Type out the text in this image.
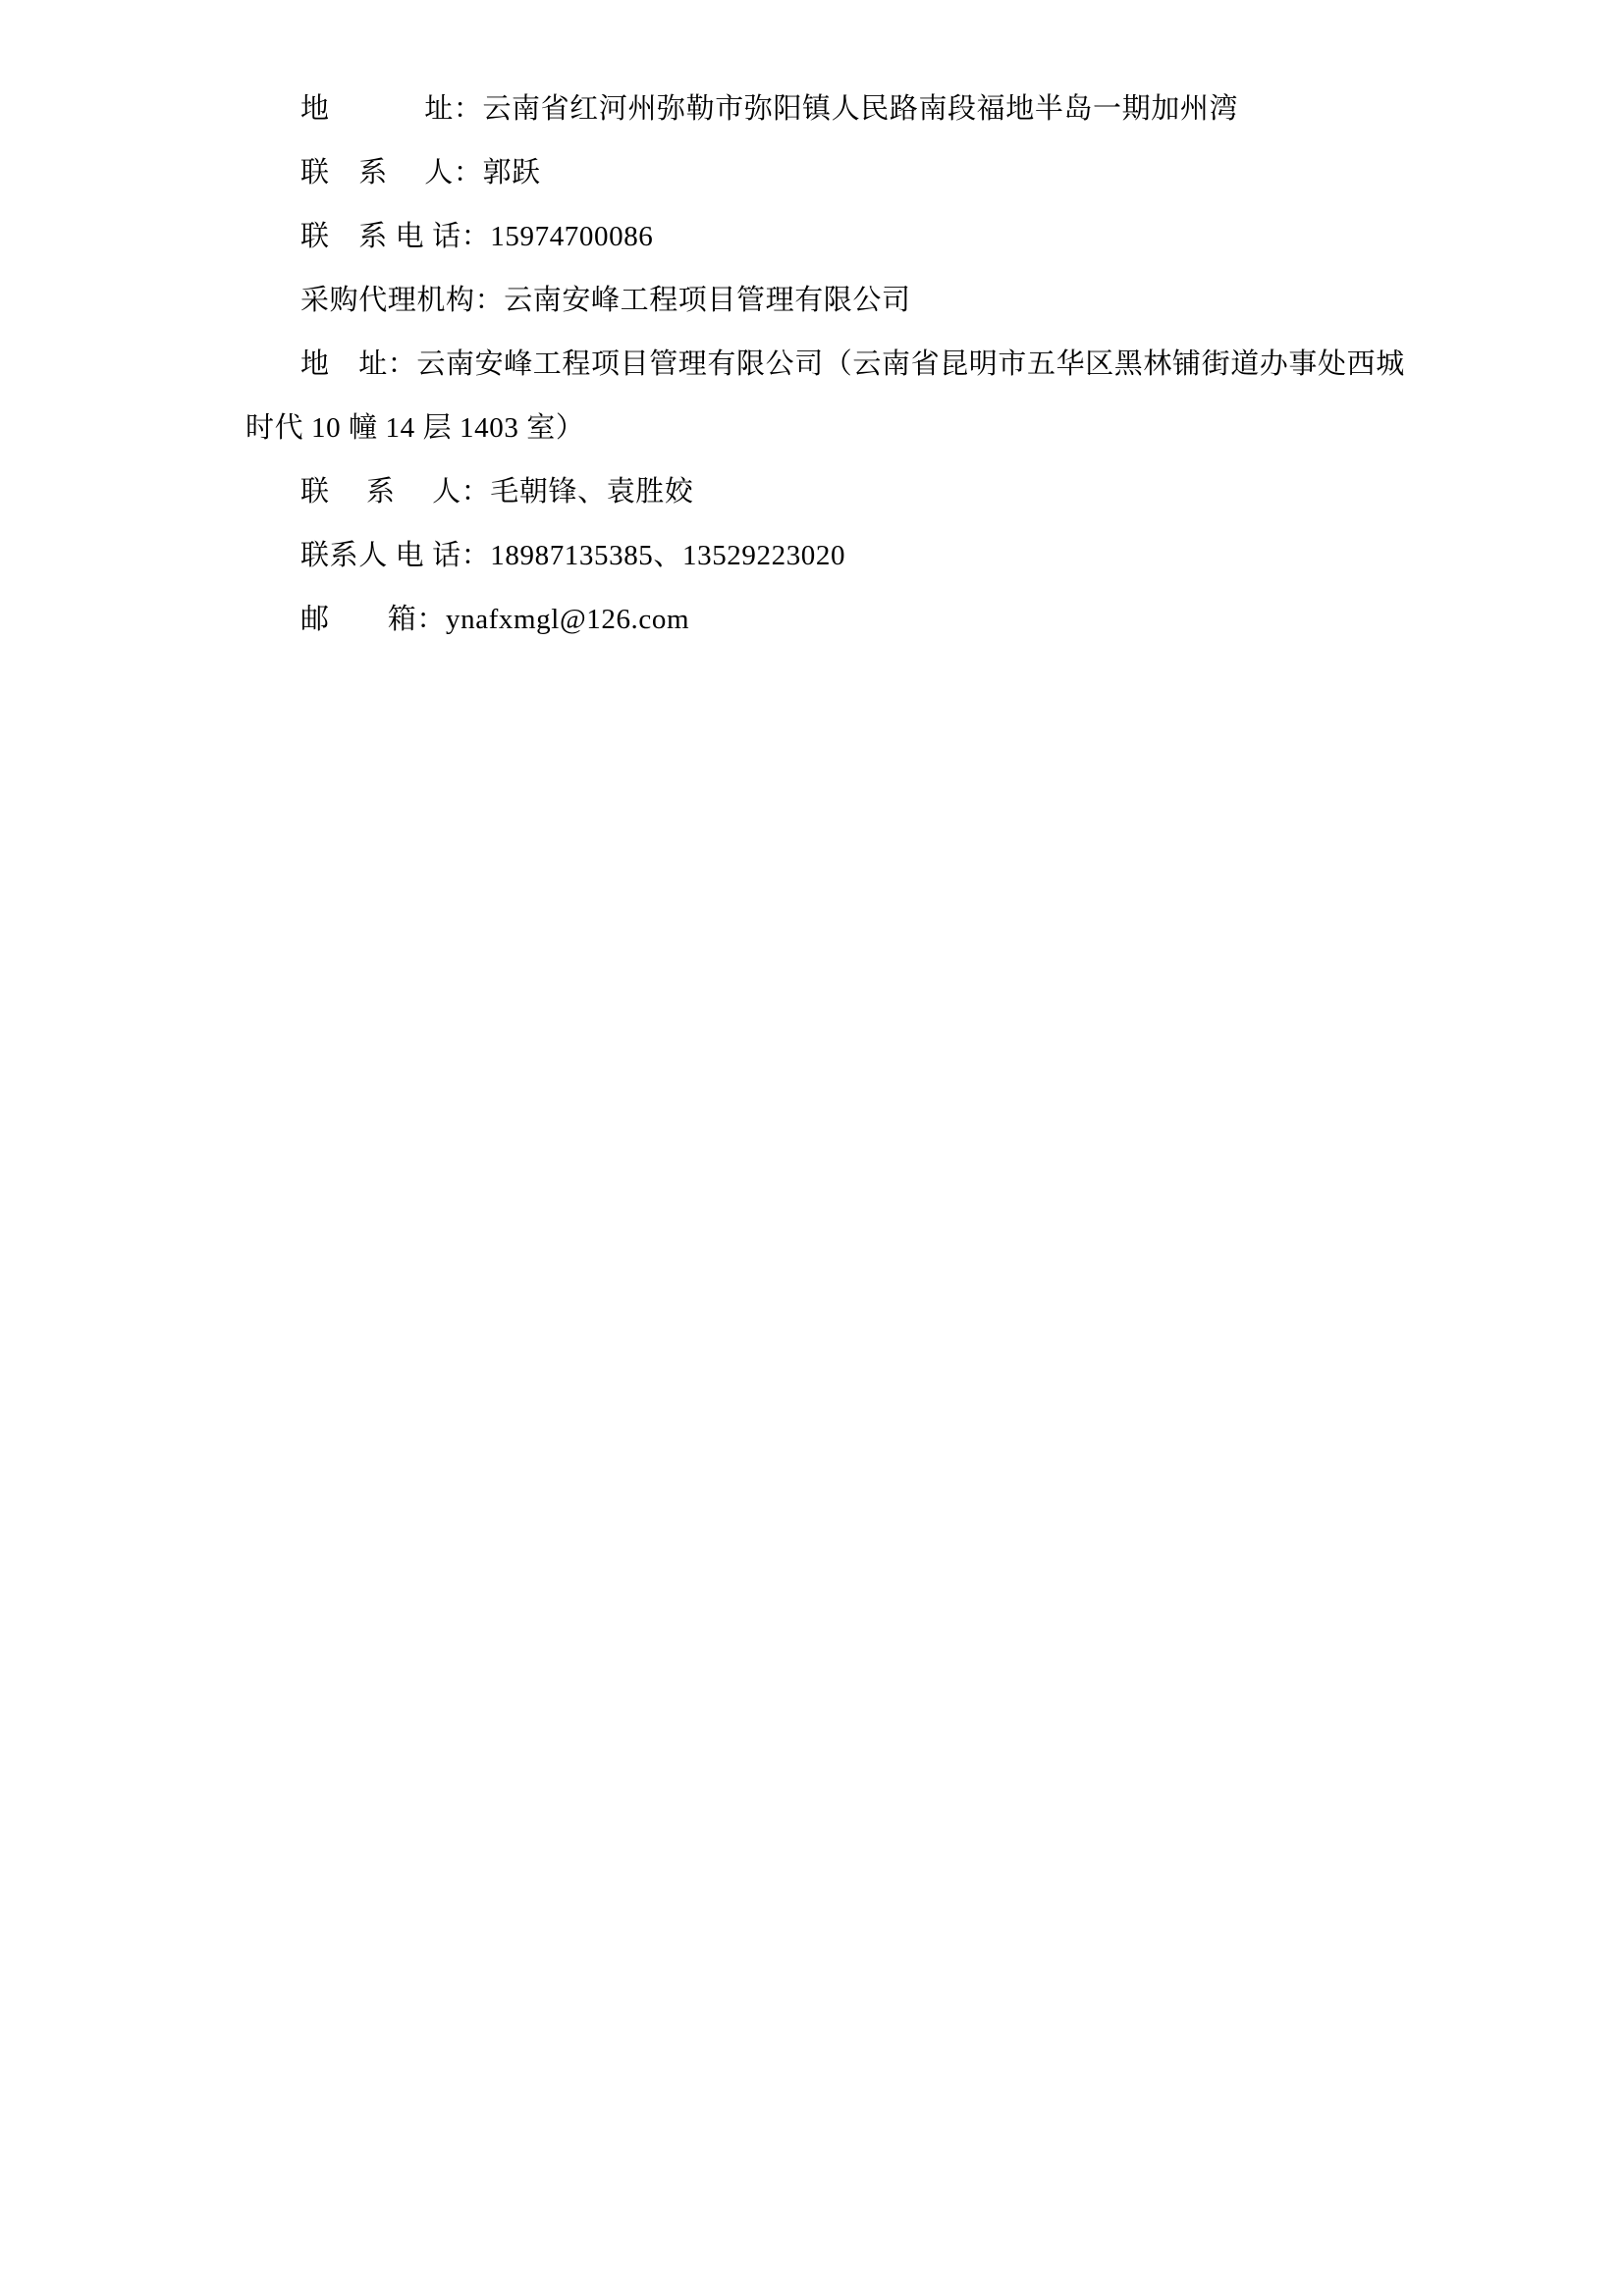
地　　　 址：云南省红河州弥勒市弥阳镇人民路南段福地半岛一期加州湾
联　系　 人：郭跃
联　系 电 话：15974700086
采购代理机构：云南安峰工程项目管理有限公司
地　址：云南安峰工程项目管理有限公司（云南省昆明市五华区黑林铺街道办事处西城
时代 10 幢 14 层 1403 室）
联　 系　 人：毛朝锋、袁胜姣
联系人 电 话：18987135385、13529223020
邮　　箱：ynafxmgl@126.com
